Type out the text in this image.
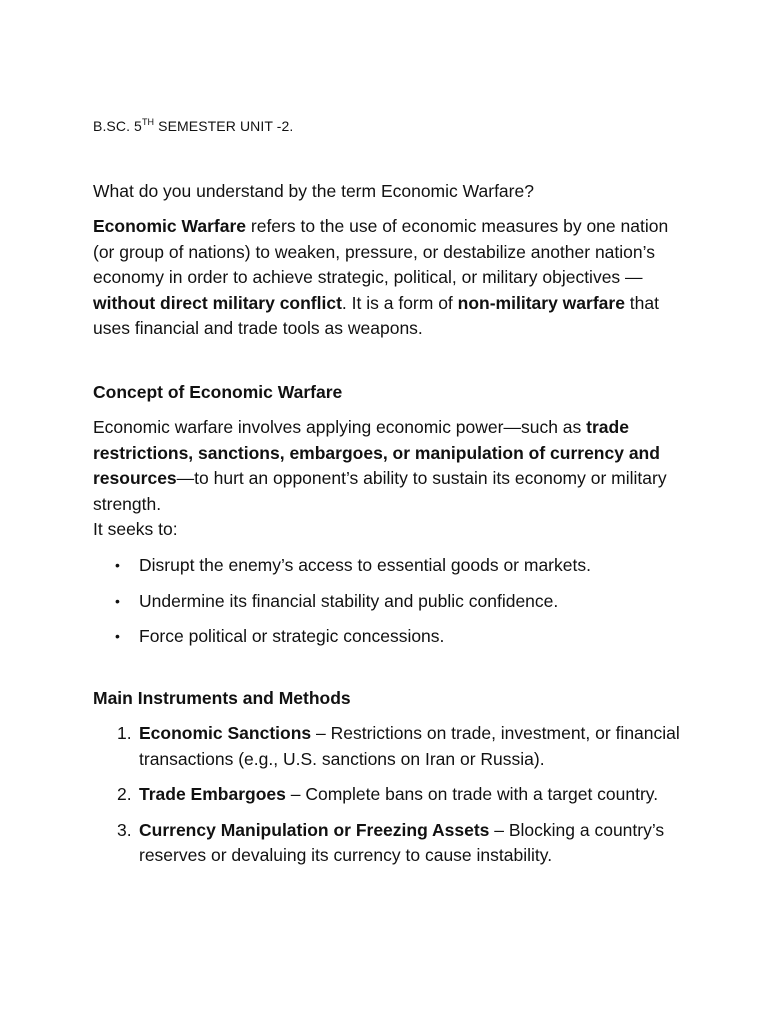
B.SC. 5TH SEMESTER UNIT -2.
What do you understand by the term Economic Warfare?
Economic Warfare refers to the use of economic measures by one nation (or group of nations) to weaken, pressure, or destabilize another nation’s economy in order to achieve strategic, political, or military objectives — without direct military conflict. It is a form of non-military warfare that uses financial and trade tools as weapons.
Concept of Economic Warfare
Economic warfare involves applying economic power—such as trade restrictions, sanctions, embargoes, or manipulation of currency and resources—to hurt an opponent’s ability to sustain its economy or military strength.
It seeks to:
• Disrupt the enemy’s access to essential goods or markets.
• Undermine its financial stability and public confidence.
• Force political or strategic concessions.
Main Instruments and Methods
1. Economic Sanctions – Restrictions on trade, investment, or financial transactions (e.g., U.S. sanctions on Iran or Russia).
2. Trade Embargoes – Complete bans on trade with a target country.
3. Currency Manipulation or Freezing Assets – Blocking a country’s reserves or devaluing its currency to cause instability.
